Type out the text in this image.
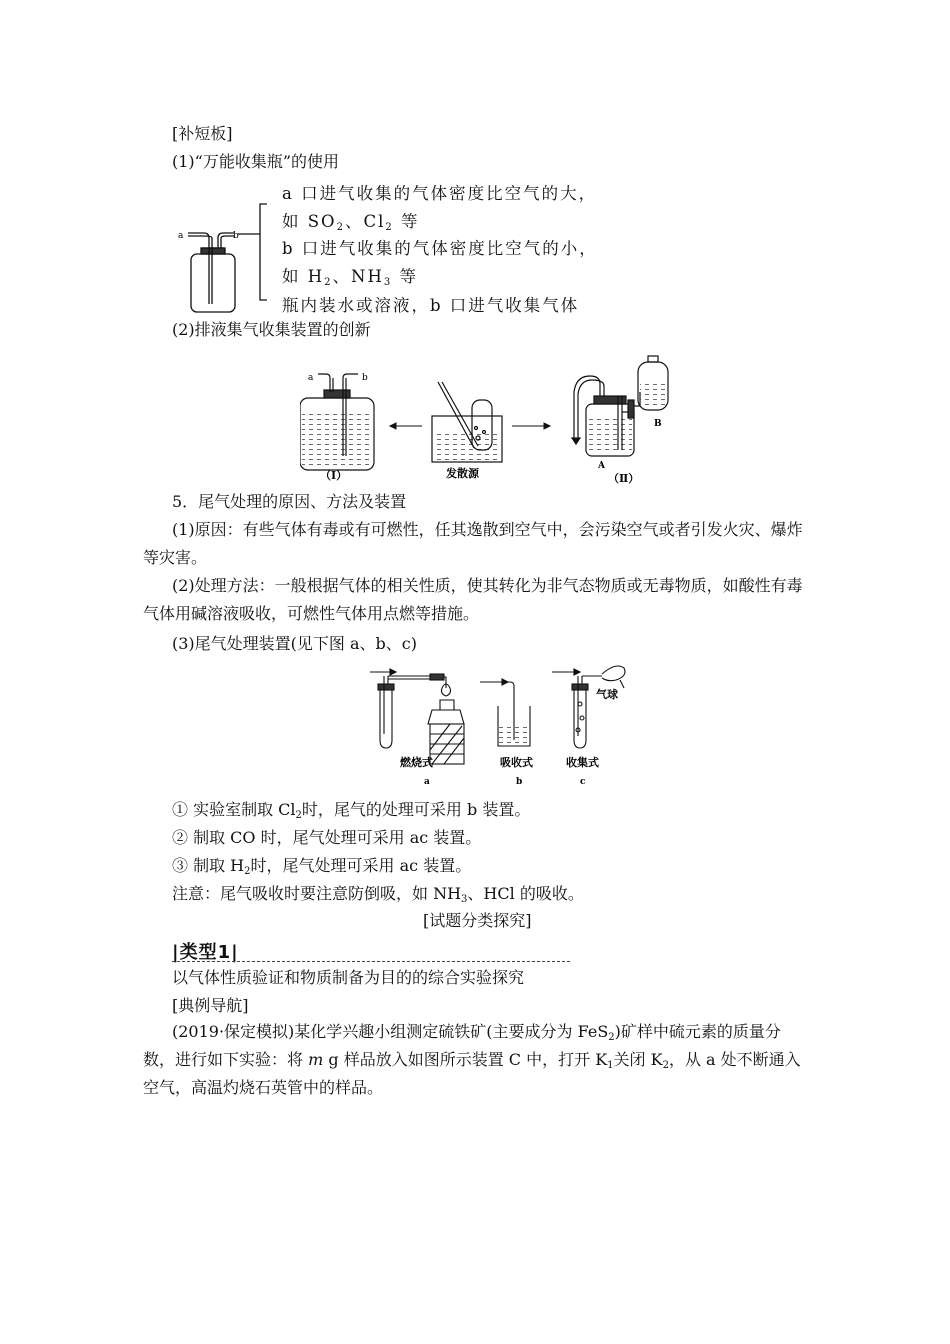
[补短板]
(1)“万能收集瓶”的使用
a	b
a 口进气收集的气体密度比空气的大，
如 $SO_2$、$Cl_2$ 等
b 口进气收集的气体密度比空气的小，
如 $H_2$、$NH_3$ 等
瓶内装水或溶液，b 口进气收集气体
(2)排液集气收集装置的创新
a	b
（Ⅰ）	发散源
B
A
（Ⅱ）
5．尾气处理的原因、方法及装置
(1)原因：有些气体有毒或有可燃性，任其逸散到空气中，会污染空气或者引发火灾、爆炸等灾害。
(2)处理方法：一般根据气体的相关性质，使其转化为非气态物质或无毒物质，如酸性有毒气体用碱溶液吸收，可燃性气体用点燃等措施。
(3)尾气处理装置(见下图 a、b、c)
燃烧式
a
吸收式
b
气球
收集式
c
① 实验室制取 $Cl_2$时，尾气的处理可采用 b 装置。
② 制取 CO 时，尾气处理可采用 ac 装置。
③ 制取 $H_2$时，尾气处理可采用 ac 装置。
注意：尾气吸收时要注意防倒吸，如 $NH_3$、HCl 的吸收。
[试题分类探究]
|类型1|
以气体性质验证和物质制备为目的的综合实验探究
[典例导航]
(2019·保定模拟)某化学兴趣小组测定硫铁矿(主要成分为 FeS$_2$)矿样中硫元素的质量分数，进行如下实验：将 m g 样品放入如图所示装置 C 中，打开 $K_1$关闭 $K_2$，从 a 处不断通入空气，高温灼烧石英管中的样品。
